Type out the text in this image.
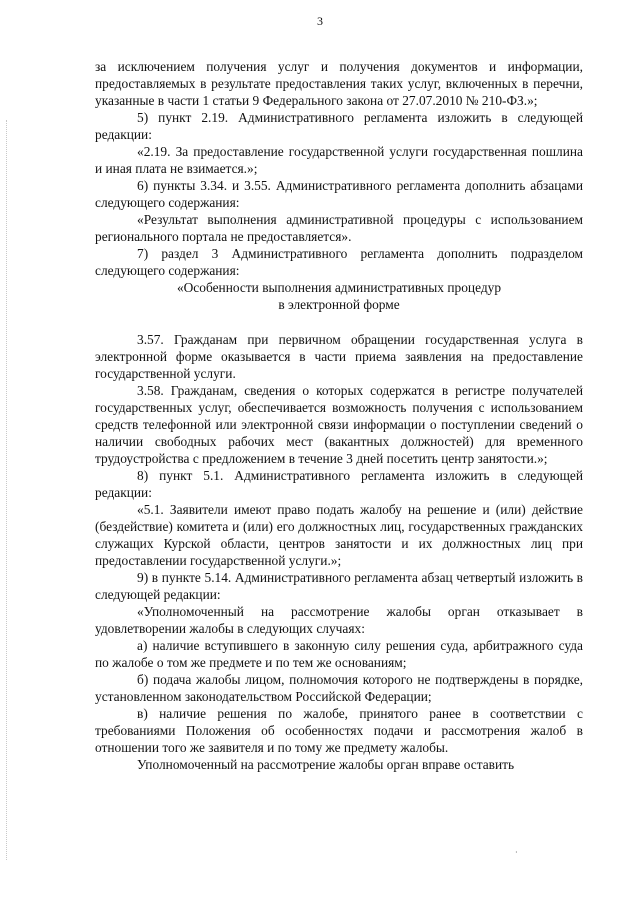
3
·

за исключением получения услуг и получения документов и информации, предоставляемых в результате предоставления таких услуг, включенных в перечни, указанные в части 1 статьи 9 Федерального закона от 27.07.2010 № 210-ФЗ.»;

5) пункт 2.19. Административного регламента изложить в следующей редакции:

«2.19. За предоставление государственной услуги государственная пошлина и иная плата не взимается.»;

6) пункты 3.34. и 3.55. Административного регламента дополнить абзацами следующего содержания:

«Результат выполнения административной процедуры с использованием регионального портала не предоставляется».

7) раздел 3 Административного регламента дополнить подразделом следующего содержания:

«Особенности выполнения административных процедур

в электронной форме

3.57. Гражданам при первичном обращении государственная услуга в электронной форме оказывается в части приема заявления на предоставление государственной услуги.

3.58. Гражданам, сведения о которых содержатся в регистре получателей государственных услуг, обеспечивается возможность получения с использованием средств телефонной или электронной связи информации о поступлении сведений о наличии свободных рабочих мест (вакантных должностей) для временного трудоустройства с предложением в течение 3 дней посетить центр занятости.»;

8) пункт 5.1. Административного регламента изложить в следующей редакции:

«5.1. Заявители имеют право подать жалобу на решение и (или) действие (бездействие) комитета и (или) его должностных лиц, государственных гражданских служащих Курской области, центров занятости и их должностных лиц при предоставлении государственной услуги.»;

9) в пункте 5.14. Административного регламента абзац четвертый изложить в следующей редакции:

«Уполномоченный на рассмотрение жалобы орган отказывает в удовлетворении жалобы в следующих случаях:

а) наличие вступившего в законную силу решения суда, арбитражного суда по жалобе о том же предмете и по тем же основаниям;

б) подача жалобы лицом, полномочия которого не подтверждены в порядке, установленном законодательством Российской Федерации;

в) наличие решения по жалобе, принятого ранее в соответствии с требованиями Положения об особенностях подачи и рассмотрения жалоб в отношении того же заявителя и по тому же предмету жалобы.

Уполномоченный на рассмотрение жалобы орган вправе оставить
